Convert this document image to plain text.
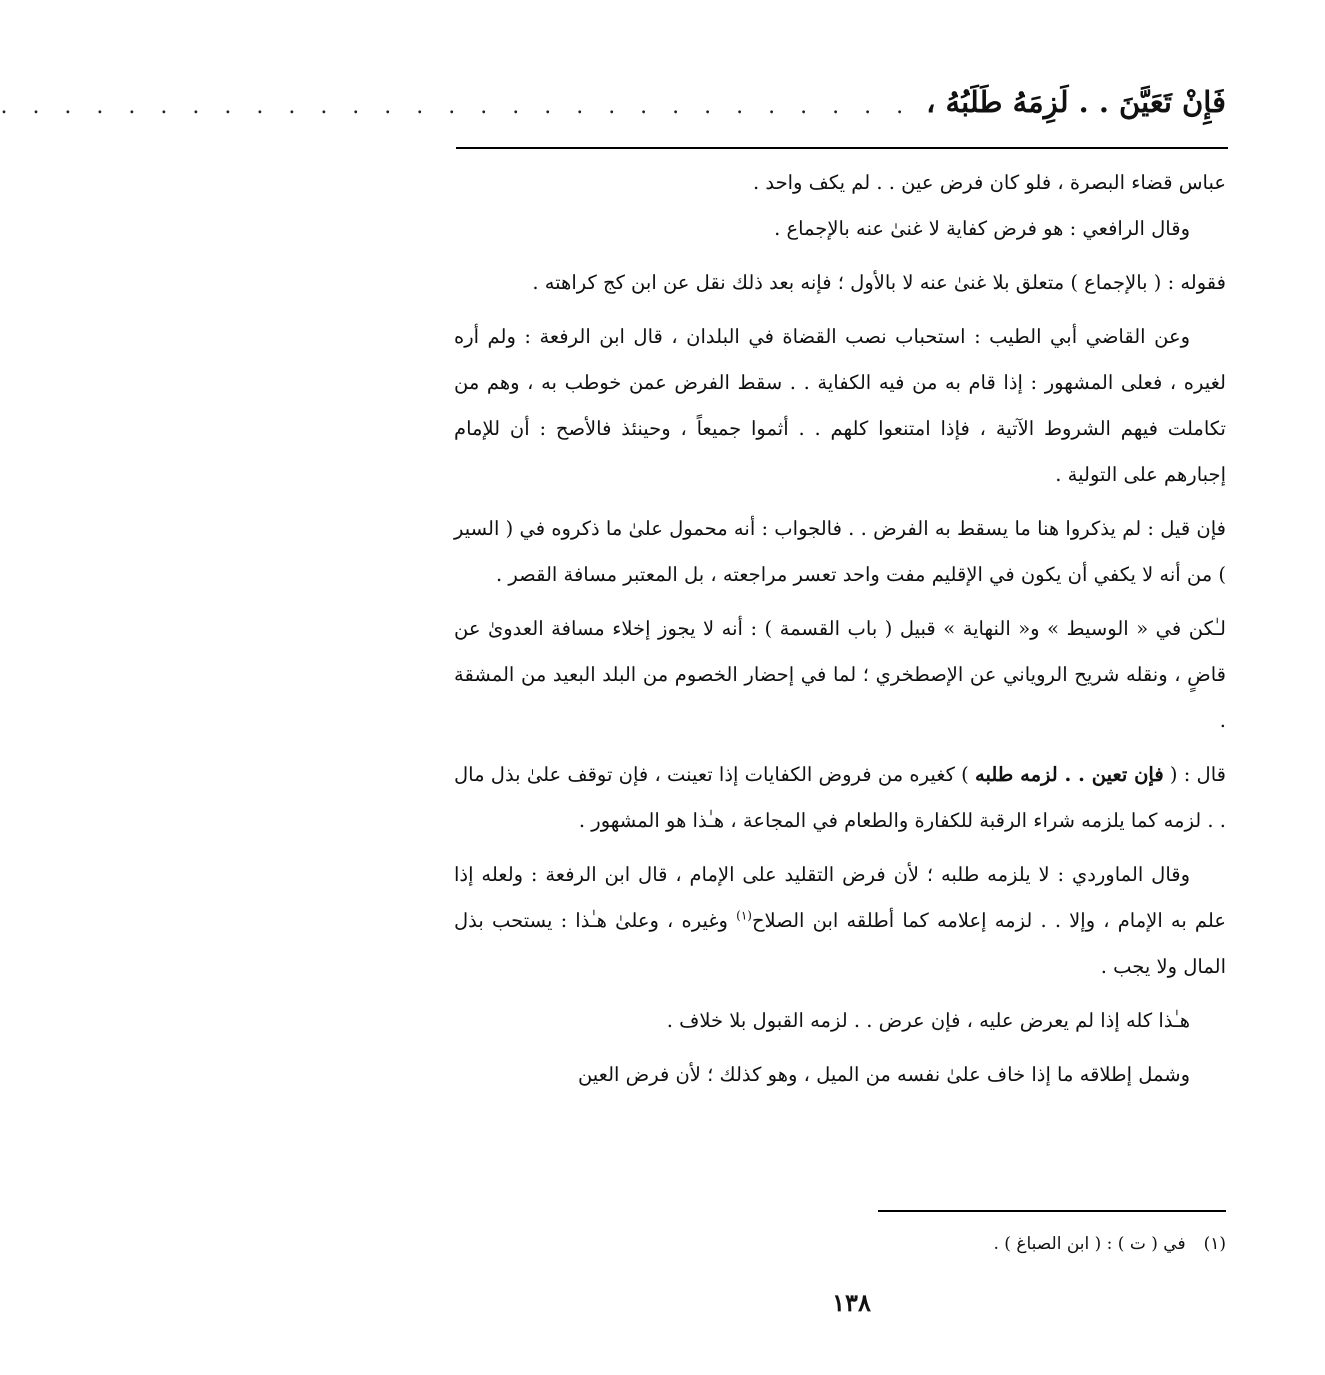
فَإِنْ تَعَيَّنَ . . لَزِمَهُ طَلَبُهُ ،
. . . . . . . . . . . . . . . . . . . . . . . . . . . . .

عباس قضاء البصرة ، فلو كان فرض عين . . لم يكف واحد .

وقال الرافعي : هو فرض كفاية لا غنىٰ عنه بالإجماع .

فقوله : ( بالإجماع ) متعلق بلا غنىٰ عنه لا بالأول ؛ فإنه بعد ذلك نقل عن ابن كج كراهته .

وعن القاضي أبي الطيب : استحباب نصب القضاة في البلدان ، قال ابن الرفعة : ولم أره لغيره ، فعلى المشهور : إذا قام به من فيه الكفاية . . سقط الفرض عمن خوطب به ، وهم من تكاملت فيهم الشروط الآتية ، فإذا امتنعوا كلهم . . أثموا جميعاً ، وحينئذ فالأصح : أن للإمام إجبارهم على التولية .

فإن قيل : لم يذكروا هنا ما يسقط به الفرض . . فالجواب : أنه محمول علىٰ ما ذكروه في ( السير ) من أنه لا يكفي أن يكون في الإقليم مفت واحد تعسر مراجعته ، بل المعتبر مسافة القصر .

لـٰكن في « الوسيط » و« النهاية » قبيل ( باب القسمة ) : أنه لا يجوز إخلاء مسافة العدوىٰ عن قاضٍ ، ونقله شريح الروياني عن الإصطخري ؛ لما في إحضار الخصوم من البلد البعيد من المشقة .

قال : ( فإن تعين . . لزمه طلبه ) كغيره من فروض الكفايات إذا تعينت ، فإن توقف علىٰ بذل مال . . لزمه كما يلزمه شراء الرقبة للكفارة والطعام في المجاعة ، هـٰذا هو المشهور .

وقال الماوردي : لا يلزمه طلبه ؛ لأن فرض التقليد على الإمام ، قال ابن الرفعة : ولعله إذا علم به الإمام ، وإلا . . لزمه إعلامه كما أطلقه ابن الصلاح$^{(١)}$ وغيره ، وعلىٰ هـٰذا : يستحب بذل المال ولا يجب .

هـٰذا كله إذا لم يعرض عليه ، فإن عرض . . لزمه القبول بلا خلاف .

وشمل إطلاقه ما إذا خاف علىٰ نفسه من الميل ، وهو كذلك ؛ لأن فرض العين

(١)في ( ت ) : ( ابن الصباغ ) .
١٣٨
